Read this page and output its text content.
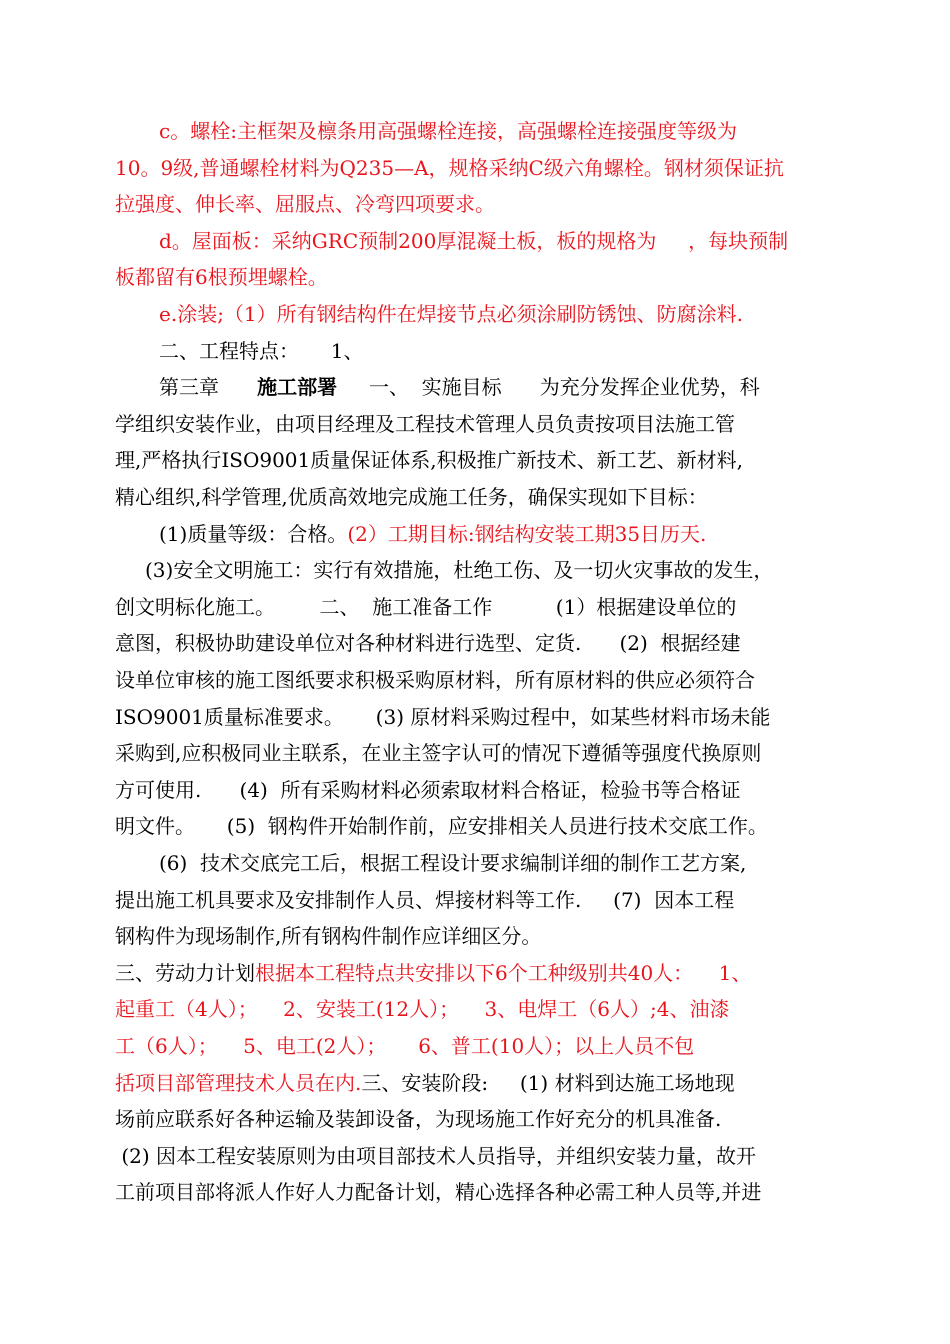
c。螺栓:主框架及檩条用高强螺栓连接，高强螺栓连接强度等级为
10。9级,普通螺栓材料为Q235—A，规格采纳C级六角螺栓。钢材须保证抗
拉强度、伸长率、屈服点、冷弯四项要求。
d。屋面板：采纳GRC预制200厚混凝土板，板的规格为     ，每块预制
板都留有6根预埋螺栓。
e.涂装;（1）所有钢结构件在焊接节点必须涂刷防锈蚀、防腐涂料.
二、工程特点：     1、
第三章      施工部署     一、  实施目标      为充分发挥企业优势，科
学组织安装作业，由项目经理及工程技术管理人员负责按项目法施工管
理,严格执行ISO9001质量保证体系,积极推广新技术、新工艺、新材料,
精心组织,科学管理,优质高效地完成施工任务，确保实现如下目标：
(1)质量等级：合格。(2）工期目标:钢结构安装工期35日历天.
(3)安全文明施工：实行有效措施，杜绝工伤、及一切火灾事故的发生，
创文明标化施工。       二、  施工准备工作          (1）根据建设单位的
意图，积极协助建设单位对各种材料进行选型、定货.      (2)  根据经建
设单位审核的施工图纸要求积极采购原材料，所有原材料的供应必须符合
ISO9001质量标准要求。     (3) 原材料采购过程中，如某些材料市场未能
采购到,应积极同业主联系，在业主签字认可的情况下遵循等强度代换原则
方可使用.      (4)  所有采购材料必须索取材料合格证，检验书等合格证
明文件。     (5)  钢构件开始制作前，应安排相关人员进行技术交底工作。
(6)  技术交底完工后，根据工程设计要求编制详细的制作工艺方案,
提出施工机具要求及安排制作人员、焊接材料等工作.     (7)  因本工程
钢构件为现场制作,所有钢构件制作应详细区分。
三、劳动力计划根据本工程特点共安排以下6个工种级别共40人：    1、
起重工（4人）；    2、安装工(12人）；    3、电焊工（6人）;4、油漆
工（6人）；    5、电工(2人）；     6、普工(10人）；以上人员不包
括项目部管理技术人员在内.三、安装阶段:     (1) 材料到达施工场地现
场前应联系好各种运输及装卸设备，为现场施工作好充分的机具准备.
(2) 因本工程安装原则为由项目部技术人员指导，并组织安装力量，故开
工前项目部将派人作好人力配备计划，精心选择各种必需工种人员等,并进
